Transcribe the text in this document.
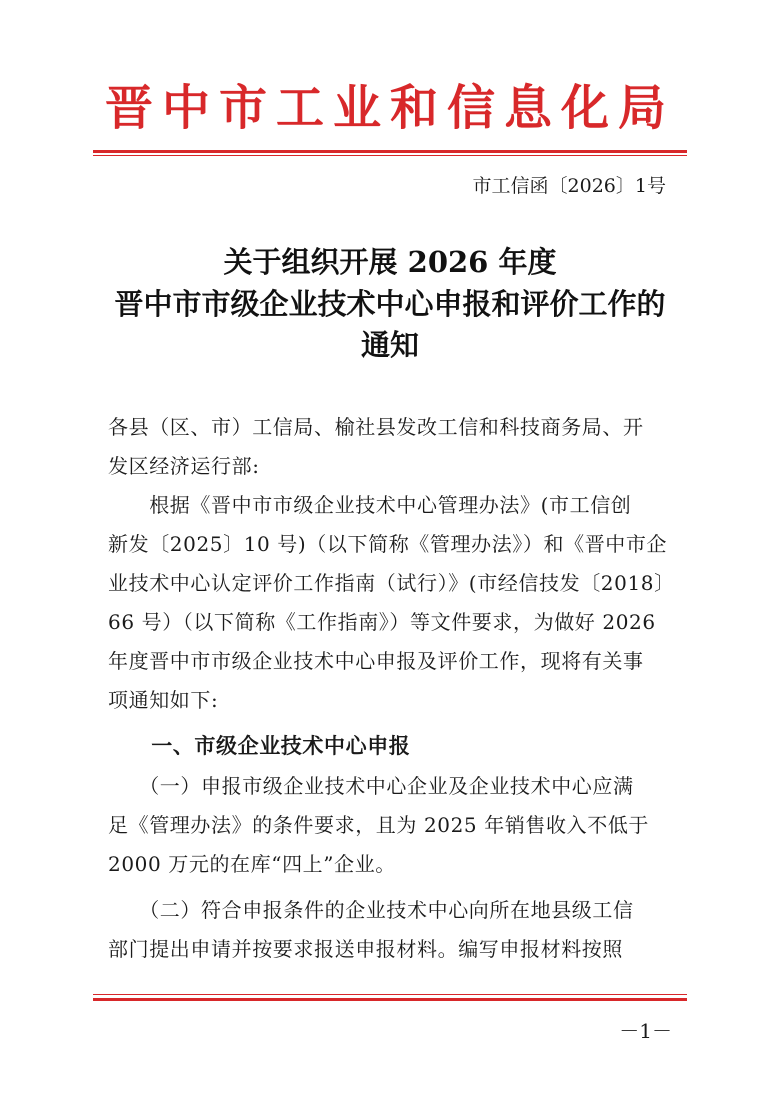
晋中市工业和信息化局
市工信函〔2026〕1号
关于组织开展 2026 年度
晋中市市级企业技术中心申报和评价工作的
通知
各县（区、市）工信局、榆社县发改工信和科技商务局、开
发区经济运行部:
　　根据《晋中市市级企业技术中心管理办法》(市工信创
新发〔2025〕10 号)（以下简称《管理办法》）和《晋中市企
业技术中心认定评价工作指南（试行）》(市经信技发〔2018〕
66 号）（以下简称《工作指南》）等文件要求，为做好 2026
年度晋中市市级企业技术中心申报及评价工作，现将有关事
项通知如下:
　　一、市级企业技术中心申报
　　（一）申报市级企业技术中心企业及企业技术中心应满
足《管理办法》的条件要求，且为 2025 年销售收入不低于
2000 万元的在库“四上”企业。
　　（二）符合申报条件的企业技术中心向所在地县级工信
部门提出申请并按要求报送申报材料。编写申报材料按照
－1－
